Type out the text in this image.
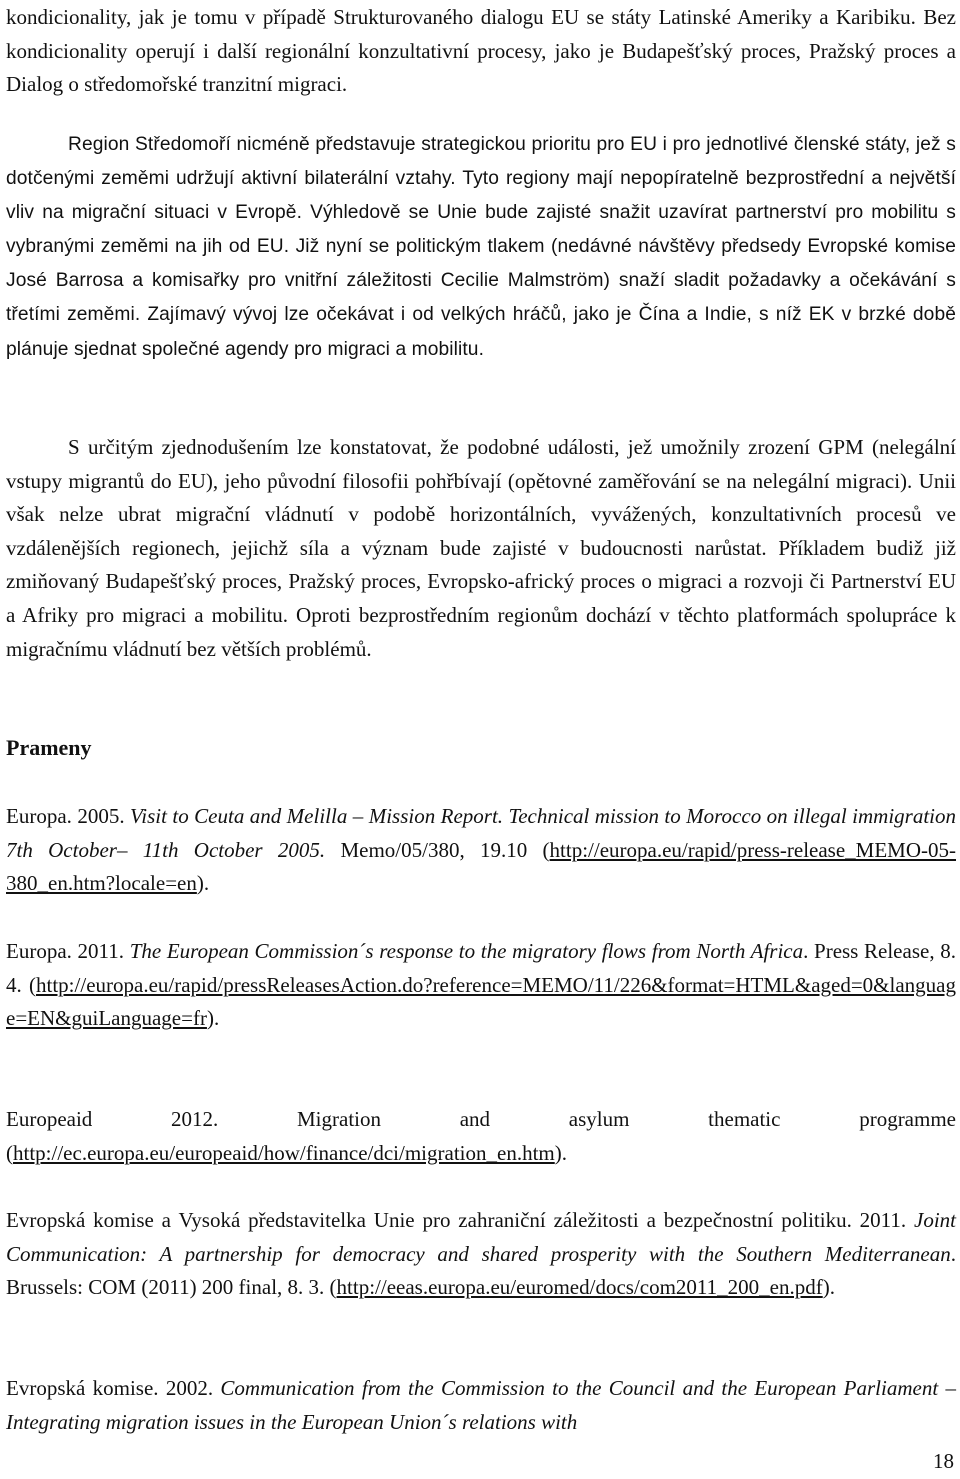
kondicionality, jak je tomu v případě Strukturovaného dialogu EU se státy Latinské Ameriky a Karibiku. Bez kondicionality operují i další regionální konzultativní procesy, jako je Budapešťský proces, Pražský proces a Dialog o středomořské tranzitní migraci.

Region Středomoří nicméně představuje strategickou prioritu pro EU i pro jednotlivé členské státy, jež s dotčenými zeměmi udržují aktivní bilaterální vztahy. Tyto regiony mají nepopíratelně bezprostřední a největší vliv na migrační situaci v Evropě. Výhledově se Unie bude zajisté snažit uzavírat partnerství pro mobilitu s vybranými zeměmi na jih od EU. Již nyní se politickým tlakem (nedávné návštěvy předsedy Evropské komise José Barrosa a komisařky pro vnitřní záležitosti Cecilie Malmström) snaží sladit požadavky a očekávání s třetími zeměmi. Zajímavý vývoj lze očekávat i od velkých hráčů, jako je Čína a Indie, s níž EK v brzké době plánuje sjednat společné agendy pro migraci a mobilitu.

S určitým zjednodušením lze konstatovat, že podobné události, jež umožnily zrození GPM (nelegální vstupy migrantů do EU), jeho původní filosofii pohřbívají (opětovné zaměřování se na nelegální migraci). Unii však nelze ubrat migrační vládnutí v podobě horizontálních, vyvážených, konzultativních procesů ve vzdálenějších regionech, jejichž síla a význam bude zajisté v budoucnosti narůstat. Příkladem budiž již zmiňovaný Budapešťský proces, Pražský proces, Evropsko-africký proces o migraci a rozvoji či Partnerství EU a Afriky pro migraci a mobilitu. Oproti bezprostředním regionům dochází v těchto platformách spolupráce k migračnímu vládnutí bez větších problémů.

Prameny

Europa. 2005. Visit to Ceuta and Melilla – Mission Report. Technical mission to Morocco on illegal immigration 7th October– 11th October 2005. Memo/05/380, 19.10 (http://europa.eu/rapid/press-release_MEMO-05-380_en.htm?locale=en).

Europa. 2011. The European Commission´s response to the migratory flows from North Africa. Press Release, 8. 4. (http://europa.eu/rapid/pressReleasesAction.do?reference=MEMO/11/226&format=HTML&aged=0&language=EN&guiLanguage=fr).

Europeaid 2012. Migration and asylum thematic programme (http://ec.europa.eu/europeaid/how/finance/dci/migration_en.htm).

Evropská komise a Vysoká představitelka Unie pro zahraniční záležitosti a bezpečnostní politiku. 2011. Joint Communication: A partnership for democracy and shared prosperity with the Southern Mediterranean. Brussels: COM (2011) 200 final, 8. 3. (http://eeas.europa.eu/euromed/docs/com2011_200_en.pdf).

Evropská komise. 2002. Communication from the Commission to the Council and the European Parliament – Integrating migration issues in the European Union´s relations with

18
